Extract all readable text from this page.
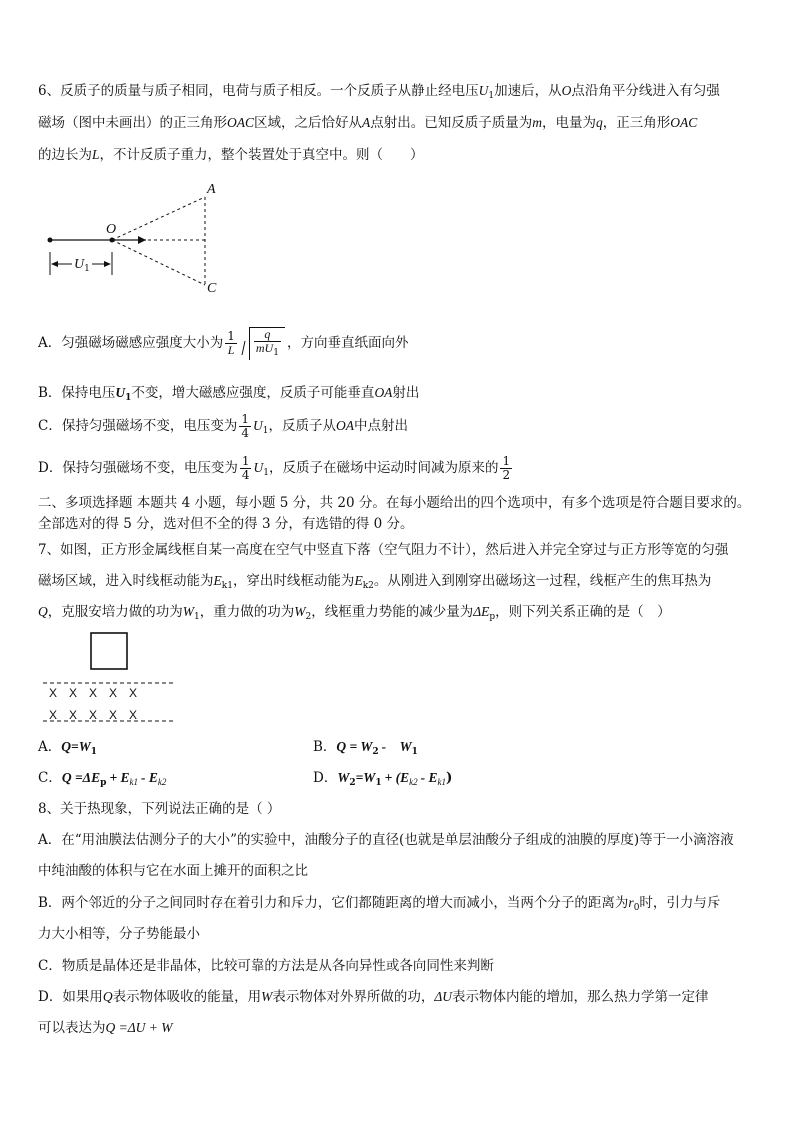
6、反质子的质量与质子相同，电荷与质子相反。一个反质子从静止经电压$U_1$加速后，从O点沿角平分线进入有匀强
磁场（图中未画出）的正三角形OAC区域，之后恰好从A点射出。已知反质子质量为m，电量为q，正三角形OAC
的边长为L，不计反质子重力，整个装置处于真空中。则（　　）
A
C
O
$U_1$
A．匀强磁场磁感应强度大小为 $\frac{1}{L} \frac{q}{mU_1}$ ，方向垂直纸面向外
B．保持电压$U_1$不变，增大磁感应强度，反质子可能垂直OA射出
C．保持匀强磁场不变，电压变为 $\frac{1}{4} U_1$，反质子从OA中点射出
D．保持匀强磁场不变，电压变为 $\frac{1}{4} U_1$，反质子在磁场中运动时间减为原来的 $\frac{1}{2}$
二、多项选择题 本题共 4 小题，每小题 5 分，共 20 分。在每小题给出的四个选项中，有多个选项是符合题目要求的。
全部选对的得 5 分，选对但不全的得 3 分，有选错的得 0 分。
7、如图，正方形金属线框自某一高度在空气中竖直下落（空气阻力不计），然后进入并完全穿过与正方形等宽的匀强
磁场区域，进入时线框动能为$E_{k1}$，穿出时线框动能为$E_{k2}$。从刚进入到刚穿出磁场这一过程，线框产生的焦耳热为
Q，克服安培力做的功为$W_1$，重力做的功为$W_2$，线框重力势能的减少量为$\Delta E_p$，则下列关系正确的是（　）
X　X　X　X　X
X　X　X　X　X
A．$Q=W_1$	B．$Q = W_2$ -　$W_1$
C．$Q =\Delta E_p + E_{k1} - E_{k2}$	D．$W_2=W_1 + (E_{k2} - E_{k1})$
8、关于热现象，下列说法正确的是（ ）
A．在“用油膜法估测分子的大小”的实验中，油酸分子的直径(也就是单层油酸分子组成的油膜的厚度)等于一小滴溶液
中纯油酸的体积与它在水面上摊开的面积之比
B．两个邻近的分子之间同时存在着引力和斥力，它们都随距离的增大而减小，当两个分子的距离为$r_0$时，引力与斥
力大小相等，分子势能最小
C．物质是晶体还是非晶体，比较可靠的方法是从各向异性或各向同性来判断
D．如果用Q表示物体吸收的能量，用W表示物体对外界所做的功，ΔU表示物体内能的增加，那么热力学第一定律
可以表达为Q =ΔU + W
